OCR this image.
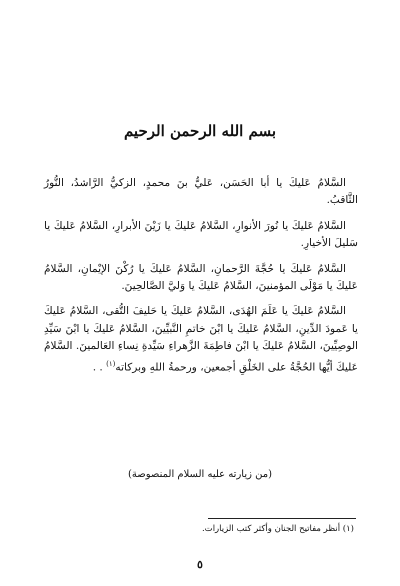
بسم الله الرحمن الرحيم

السَّلامُ عَليكَ يا أبا الحَسَن، عَليُّ بنَ محمدٍ، الزكيُّ الرَّاشدُ، النُّورُ الثَّاقبُ.

السَّلامُ عَليكَ يا نُورَ الأنوارِ، السَّلامُ عَليكَ يا زَيْنَ الأبرارِ، السَّلامُ عَليكَ يا سَليلَ الأخيارِ.

السَّلامُ عَليكَ يا حُجَّةَ الرَّحمانِ، السَّلامُ عَليكَ يا رُكْنَ الإيْمانِ، السَّلامُ عَليكَ يا مَوْلَى المؤمنينَ، السَّلامُ عَليكَ يا وَليَّ الصَّالحِينَ.

السَّلامُ عَليكَ يا عَلَمَ الهُدَى، السَّلامُ عَليكَ يا حَليفَ التُّقى، السَّلامُ عَليكَ يا عَمودَ الدِّينِ، السَّلامُ عَليكَ يا ابْنَ خاتمِ النَّبيِّينَ، السَّلامُ عَليكَ يا ابْنَ سَيِّدِ الوصِيِّينَ، السَّلامُ عَليكَ يا ابْنَ فاطِمَةَ الزَّهراءِ سَيِّدةِ نِساءِ العَالمينَ. السَّلامُ عَليكَ أيُّها الحُجَّةُ على الخَلْقِ أجمعين، ورحمةُ اللهِ وبركاته$^{(١)}$ . .

(من زيارته عليه السلام المنصوصة)
(١) أنظر مفاتيح الجنان وأكثر كتب الزيارات.
٥
